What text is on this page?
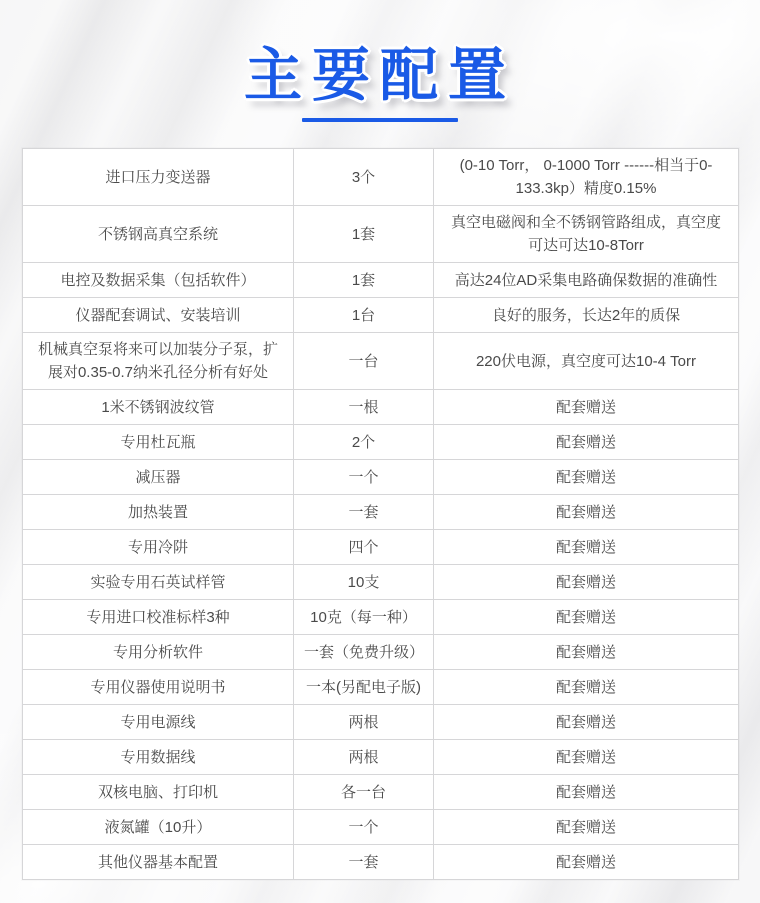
主要配置
进口压力变送器	3个	(0-10 Torr， 0-1000 Torr ------相当于0-133.3kp）精度0.15%
不锈钢高真空系统	1套	真空电磁阀和全不锈钢管路组成，真空度可达可达10-8Torr
电控及数据采集（包括软件）	1套	高达24位AD采集电路确保数据的准确性
仪器配套调试、安装培训	1台	良好的服务，长达2年的质保
机械真空泵将来可以加装分子泵，扩展对0.35-0.7纳米孔径分析有好处	一台	220伏电源，真空度可达10-4 Torr
1米不锈钢波纹管	一根	配套赠送
专用杜瓦瓶	2个	配套赠送
减压器	一个	配套赠送
加热装置	一套	配套赠送
专用冷阱	四个	配套赠送
实验专用石英试样管	10支	配套赠送
专用进口校准标样3种	10克（每一种）	配套赠送
专用分析软件	一套（免费升级）	配套赠送
专用仪器使用说明书	一本(另配电子版)	配套赠送
专用电源线	两根	配套赠送
专用数据线	两根	配套赠送
双核电脑、打印机	各一台	配套赠送
液氮罐（10升）	一个	配套赠送
其他仪器基本配置	一套	配套赠送
